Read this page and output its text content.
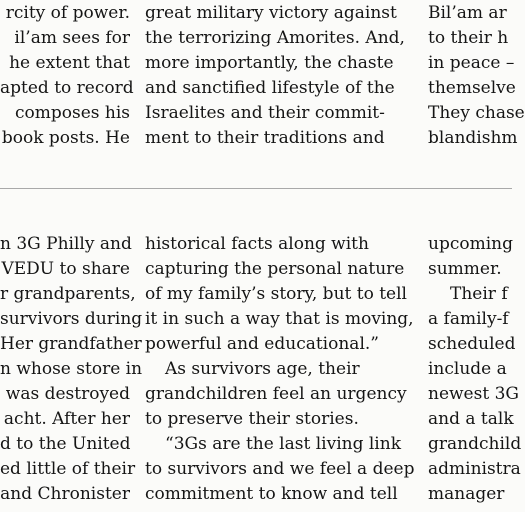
rcity of power.
il’am sees for
he extent that
apted to record
composes his
book posts. He
great military victory against
the terrorizing Amorites. And,
more importantly, the chaste
and sanctified lifestyle of the
Israelites and their commit-
ment to their traditions and
Bil’am ar
to their h
in peace –
themselve
They chase
blandishm
n 3G Philly and
VEDU to share
r grandparents,
survivors during
Her grandfather
n whose store in
was destroyed
acht. After her
d to the United
ed little of their
and Chronister
historical facts along with
capturing the personal nature
of my family’s story, but to tell
it in such a way that is moving,
powerful and educational.”
As survivors age, their
grandchildren feel an urgency
to preserve their stories.
“3Gs are the last living link
to survivors and we feel a deep
commitment to know and tell
upcoming
summer.
Their f
a family-f
scheduled
include a
newest 3G
and a talk
grandchild
administra
manager
